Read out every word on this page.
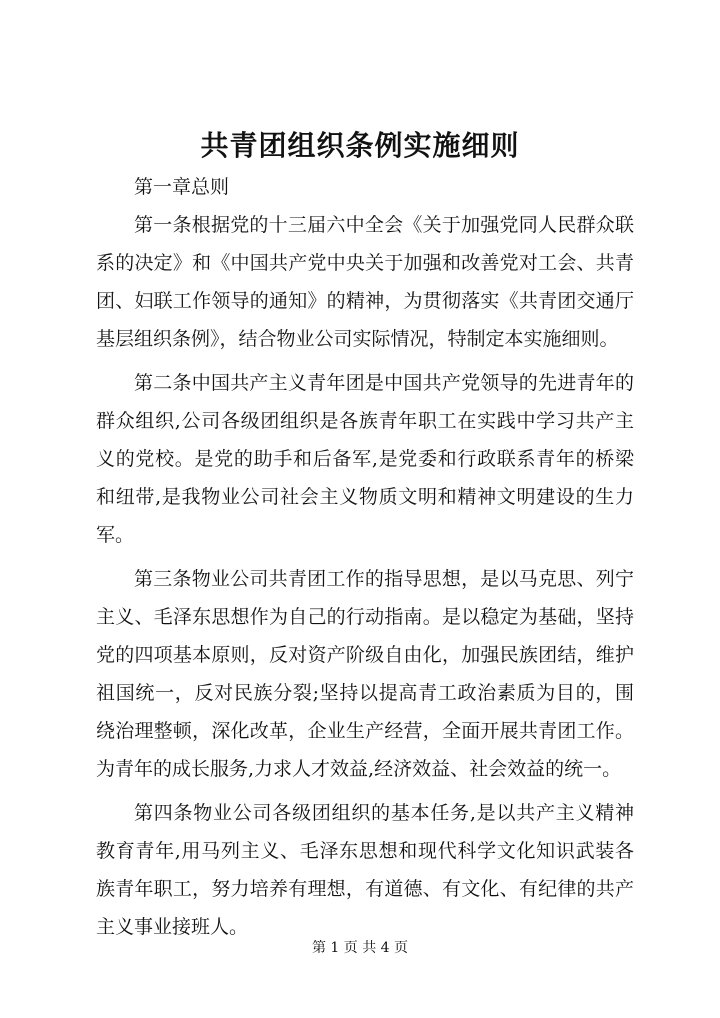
共青团组织条例实施细则

第一章总则

第一条根据党的十三届六中全会《关于加强党同人民群众联系的决定》和《中国共产党中央关于加强和改善党对工会、共青团、妇联工作领导的通知》的精神，为贯彻落实《共青团交通厅基层组织条例》，结合物业公司实际情况，特制定本实施细则。

第二条中国共产主义青年团是中国共产党领导的先进青年的群众组织,公司各级团组织是各族青年职工在实践中学习共产主义的党校。是党的助手和后备军,是党委和行政联系青年的桥梁和纽带,是我物业公司社会主义物质文明和精神文明建设的生力军。

第三条物业公司共青团工作的指导思想，是以马克思、列宁主义、毛泽东思想作为自己的行动指南。是以稳定为基础，坚持党的四项基本原则，反对资产阶级自由化，加强民族团结，维护祖国统一，反对民族分裂;坚持以提高青工政治素质为目的，围绕治理整顿，深化改革，企业生产经营，全面开展共青团工作。为青年的成长服务,力求人才效益,经济效益、社会效益的统一。

第四条物业公司各级团组织的基本任务,是以共产主义精神教育青年,用马列主义、毛泽东思想和现代科学文化知识武装各族青年职工，努力培养有理想，有道德、有文化、有纪律的共产主义事业接班人。

第 1 页 共 4 页
